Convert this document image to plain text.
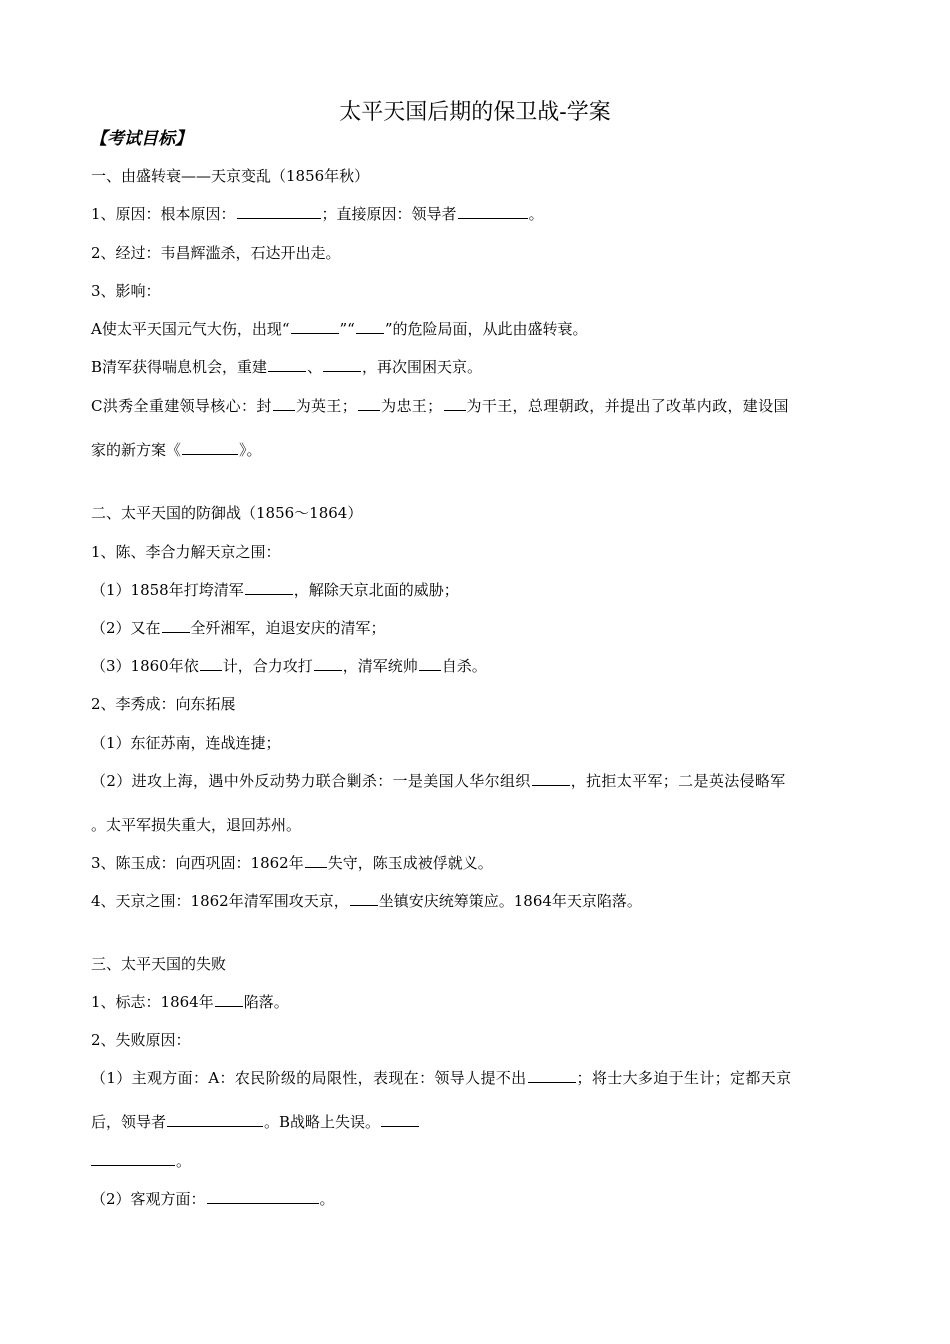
太平天国后期的保卫战-学案
【考试目标】
一、由盛转衰——天京变乱（1856年秋）
1、原因：根本原因：	；直接原因：领导者	。
2、经过：韦昌辉滥杀，石达开出走。
3、影响：
A使太平天国元气大伤，出现“	”“ ”的危险局面，从此由盛转衰。
B清军获得喘息机会，重建	、	，再次围困天京。
C洪秀全重建领导核心：封 为英王； 为忠王； 为干王，总理朝政，并提出了改革内政，建设国
家的新方案《	》。
二、太平天国的防御战（1856～1864）
1、陈、李合力解天京之围：
（1）1858年打垮清军	，解除天京北面的威胁；
（2）又在 全歼湘军，迫退安庆的清军；
（3）1860年依 计，合力攻打 ，清军统帅 自杀。
2、李秀成：向东拓展
（1）东征苏南，连战连捷；
（2）进攻上海，遇中外反动势力联合剿杀：一是美国人华尔组织	，抗拒太平军；二是英法侵略军
。太平军损失重大，退回苏州。
3、陈玉成：向西巩固：1862年 失守，陈玉成被俘就义。
4、天京之围：1862年清军围攻天京， 坐镇安庆统筹策应。1864年天京陷落。
三、太平天国的失败
1、标志：1864年 陷落。
2、失败原因：
（1）主观方面：A：农民阶级的局限性，表现在：领导人提不出	；将士大多迫于生计；定都天京
后，领导者	。B战略上失误。
。
（2）客观方面：	。
